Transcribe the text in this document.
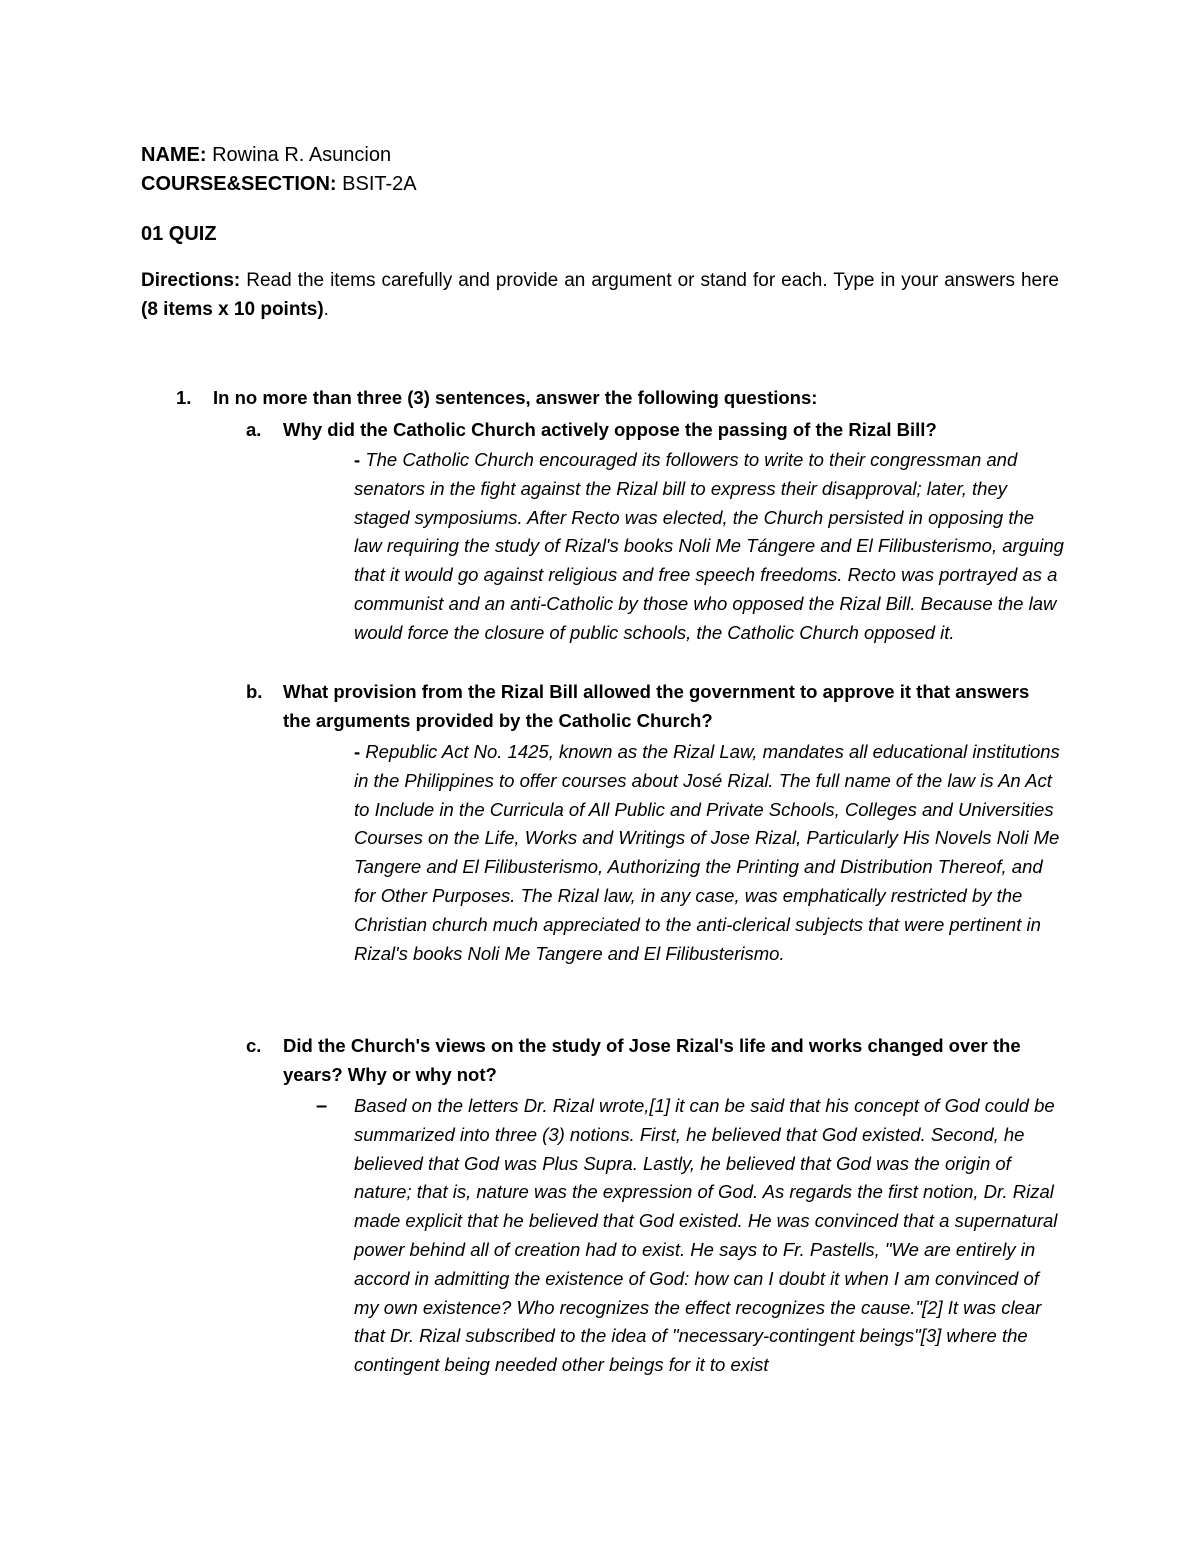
NAME: Rowina R. Asuncion
COURSE&SECTION: BSIT-2A
01 QUIZ
Directions: Read the items carefully and provide an argument or stand for each. Type in your answers here (8 items x 10 points).
1. In no more than three (3) sentences, answer the following questions:
a. Why did the Catholic Church actively oppose the passing of the Rizal Bill?
- The Catholic Church encouraged its followers to write to their congressman and senators in the fight against the Rizal bill to express their disapproval; later, they staged symposiums. After Recto was elected, the Church persisted in opposing the law requiring the study of Rizal's books Noli Me Tángere and El Filibusterismo, arguing that it would go against religious and free speech freedoms. Recto was portrayed as a communist and an anti-Catholic by those who opposed the Rizal Bill. Because the law would force the closure of public schools, the Catholic Church opposed it.
b. What provision from the Rizal Bill allowed the government to approve it that answers the arguments provided by the Catholic Church?
- Republic Act No. 1425, known as the Rizal Law, mandates all educational institutions in the Philippines to offer courses about José Rizal. The full name of the law is An Act to Include in the Curricula of All Public and Private Schools, Colleges and Universities Courses on the Life, Works and Writings of Jose Rizal, Particularly His Novels Noli Me Tangere and El Filibusterismo, Authorizing the Printing and Distribution Thereof, and for Other Purposes. The Rizal law, in any case, was emphatically restricted by the Christian church much appreciated to the anti-clerical subjects that were pertinent in Rizal's books Noli Me Tangere and El Filibusterismo.
c. Did the Church's views on the study of Jose Rizal's life and works changed over the years? Why or why not?
– Based on the letters Dr. Rizal wrote,[1] it can be said that his concept of God could be summarized into three (3) notions. First, he believed that God existed. Second, he believed that God was Plus Supra. Lastly, he believed that God was the origin of nature; that is, nature was the expression of God. As regards the first notion, Dr. Rizal made explicit that he believed that God existed. He was convinced that a supernatural power behind all of creation had to exist. He says to Fr. Pastells, "We are entirely in accord in admitting the existence of God: how can I doubt it when I am convinced of my own existence? Who recognizes the effect recognizes the cause."[2] It was clear that Dr. Rizal subscribed to the idea of "necessary-contingent beings"[3] where the contingent being needed other beings for it to exist
